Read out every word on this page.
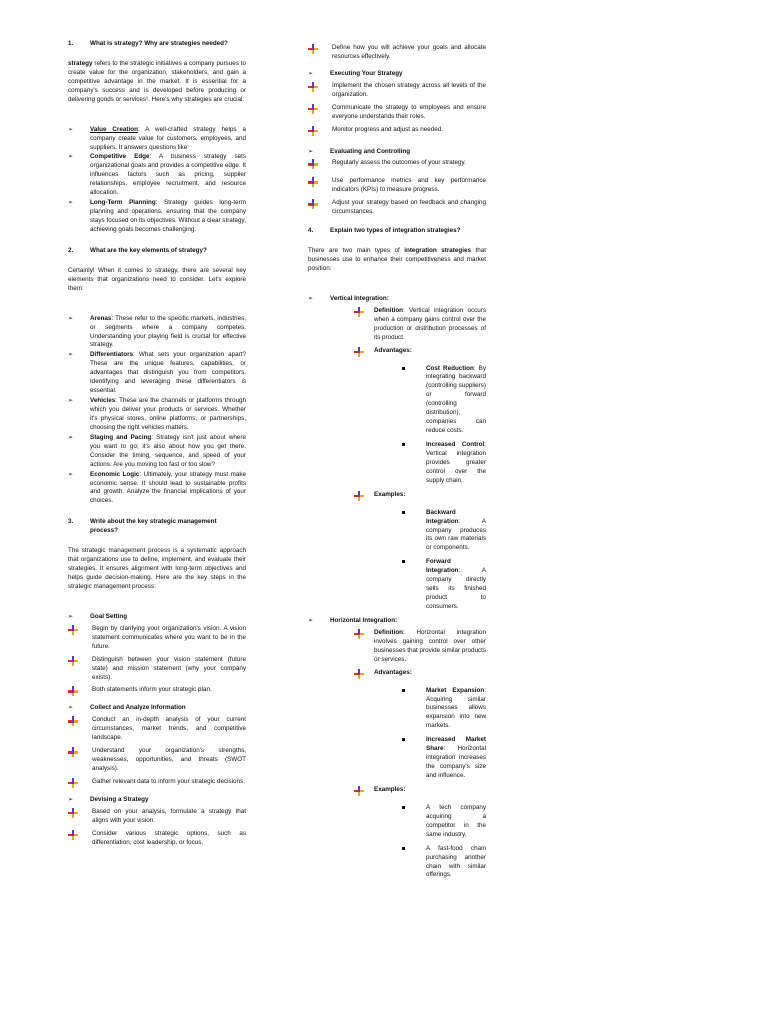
1.	What is strategy? Why are strategies needed?

strategy refers to the strategic initiatives a company pursues to create value for the organization, stakeholders, and gain a competitive advantage in the market. It is essential for a company's success and is developed before producing or delivering goods or services¹. Here's why strategies are crucial:

➢	Value Creation: A well-crafted strategy helps a company create value for customers, employees, and suppliers. It answers questions like:
➢	Competitive Edge: A business strategy sets organizational goals and provides a competitive edge. It influences factors such as pricing, supplier relationships, employee recruitment, and resource allocation.
➢	Long-Term Planning: Strategy guides long-term planning and operations, ensuring that the company stays focused on its objectives. Without a clear strategy, achieving goals becomes challenging.
2.	What are the key elements of strategy?

Certainly! When it comes to strategy, there are several key elements that organizations need to consider. Let's explore them:

➢	Arenas: These refer to the specific markets, industries, or segments where a company competes. Understanding your playing field is crucial for effective strategy.
➢	Differentiators: What sets your organization apart? These are the unique features, capabilities, or advantages that distinguish you from competitors. Identifying and leveraging these differentiators is essential.
➢	Vehicles: These are the channels or platforms through which you deliver your products or services. Whether it's physical stores, online platforms, or partnerships, choosing the right vehicles matters.
➢	Staging and Pacing: Strategy isn't just about where you want to go; it's also about how you get there. Consider the timing, sequence, and speed of your actions. Are you moving too fast or too slow?
➢	Economic Logic: Ultimately, your strategy must make economic sense. It should lead to sustainable profits and growth. Analyze the financial implications of your choices.
3.	Write about the key strategic management process?

The strategic management process is a systematic approach that organizations use to define, implement, and evaluate their strategies. It ensures alignment with long-term objectives and helps guide decision-making. Here are the key steps in the strategic management process:

➢	Goal Setting
Begin by clarifying your organization's vision. A vision statement communicates where you want to be in the future.
Distinguish between your vision statement (future state) and mission statement (why your company exists).
Both statements inform your strategic plan.
➢	Collect and Analyze Information
Conduct an in-depth analysis of your current circumstances, market trends, and competitive landscape.
Understand your organization's strengths, weaknesses, opportunities, and threats (SWOT analysis).
Gather relevant data to inform your strategic decisions.
➢	Devising a Strategy
Based on your analysis, formulate a strategy that aligns with your vision.
Consider various strategic options, such as differentiation, cost leadership, or focus.
Define how you will achieve your goals and allocate resources effectively.
➢	Executing Your Strategy
Implement the chosen strategy across all levels of the organization.
Communicate the strategy to employees and ensure everyone understands their roles.
Monitor progress and adjust as needed.
➢	Evaluating and Controlling
Regularly assess the outcomes of your strategy.
Use performance metrics and key performance indicators (KPIs) to measure progress.
Adjust your strategy based on feedback and changing circumstances.
4.	Explain two types of integration strategies?

There are two main types of integration strategies that businesses use to enhance their competitiveness and market position:

➢	Vertical Integration:
Definition: Vertical integration occurs when a company gains control over the production or distribution processes of its product.
Advantages:
Cost Reduction: By integrating backward (controlling suppliers) or forward (controlling distribution), companies can reduce costs.
Increased Control: Vertical integration provides greater control over the supply chain.
Examples:
Backward Integration: A company produces its own raw materials or components.
Forward Integration: A company directly sells its finished product to consumers.
➢	Horizontal Integration:
Definition: Horizontal integration involves gaining control over other businesses that provide similar products or services.
Advantages:
Market Expansion: Acquiring similar businesses allows expansion into new markets.
Increased Market Share: Horizontal integration increases the company's size and influence.
Examples:
A tech company acquiring a competitor in the same industry.
A fast-food chain purchasing another chain with similar offerings.
